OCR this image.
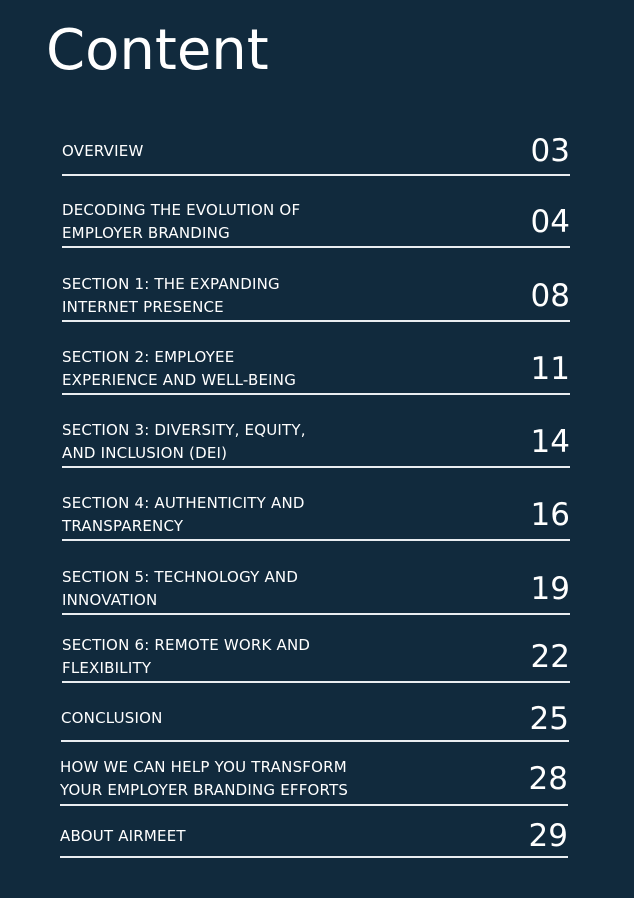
Content
OVERVIEW	03
DECODING THE EVOLUTION OF
EMPLOYER BRANDING	04
SECTION 1: THE EXPANDING
INTERNET PRESENCE	08
SECTION 2: EMPLOYEE
EXPERIENCE AND WELL-BEING	11
SECTION 3: DIVERSITY, EQUITY,
AND INCLUSION (DEI)	14
SECTION 4: AUTHENTICITY AND
TRANSPARENCY	16
SECTION 5: TECHNOLOGY AND
INNOVATION	19
SECTION 6: REMOTE WORK AND
FLEXIBILITY	22
CONCLUSION	25
HOW WE CAN HELP YOU TRANSFORM
YOUR EMPLOYER BRANDING EFFORTS	28
ABOUT AIRMEET	29
